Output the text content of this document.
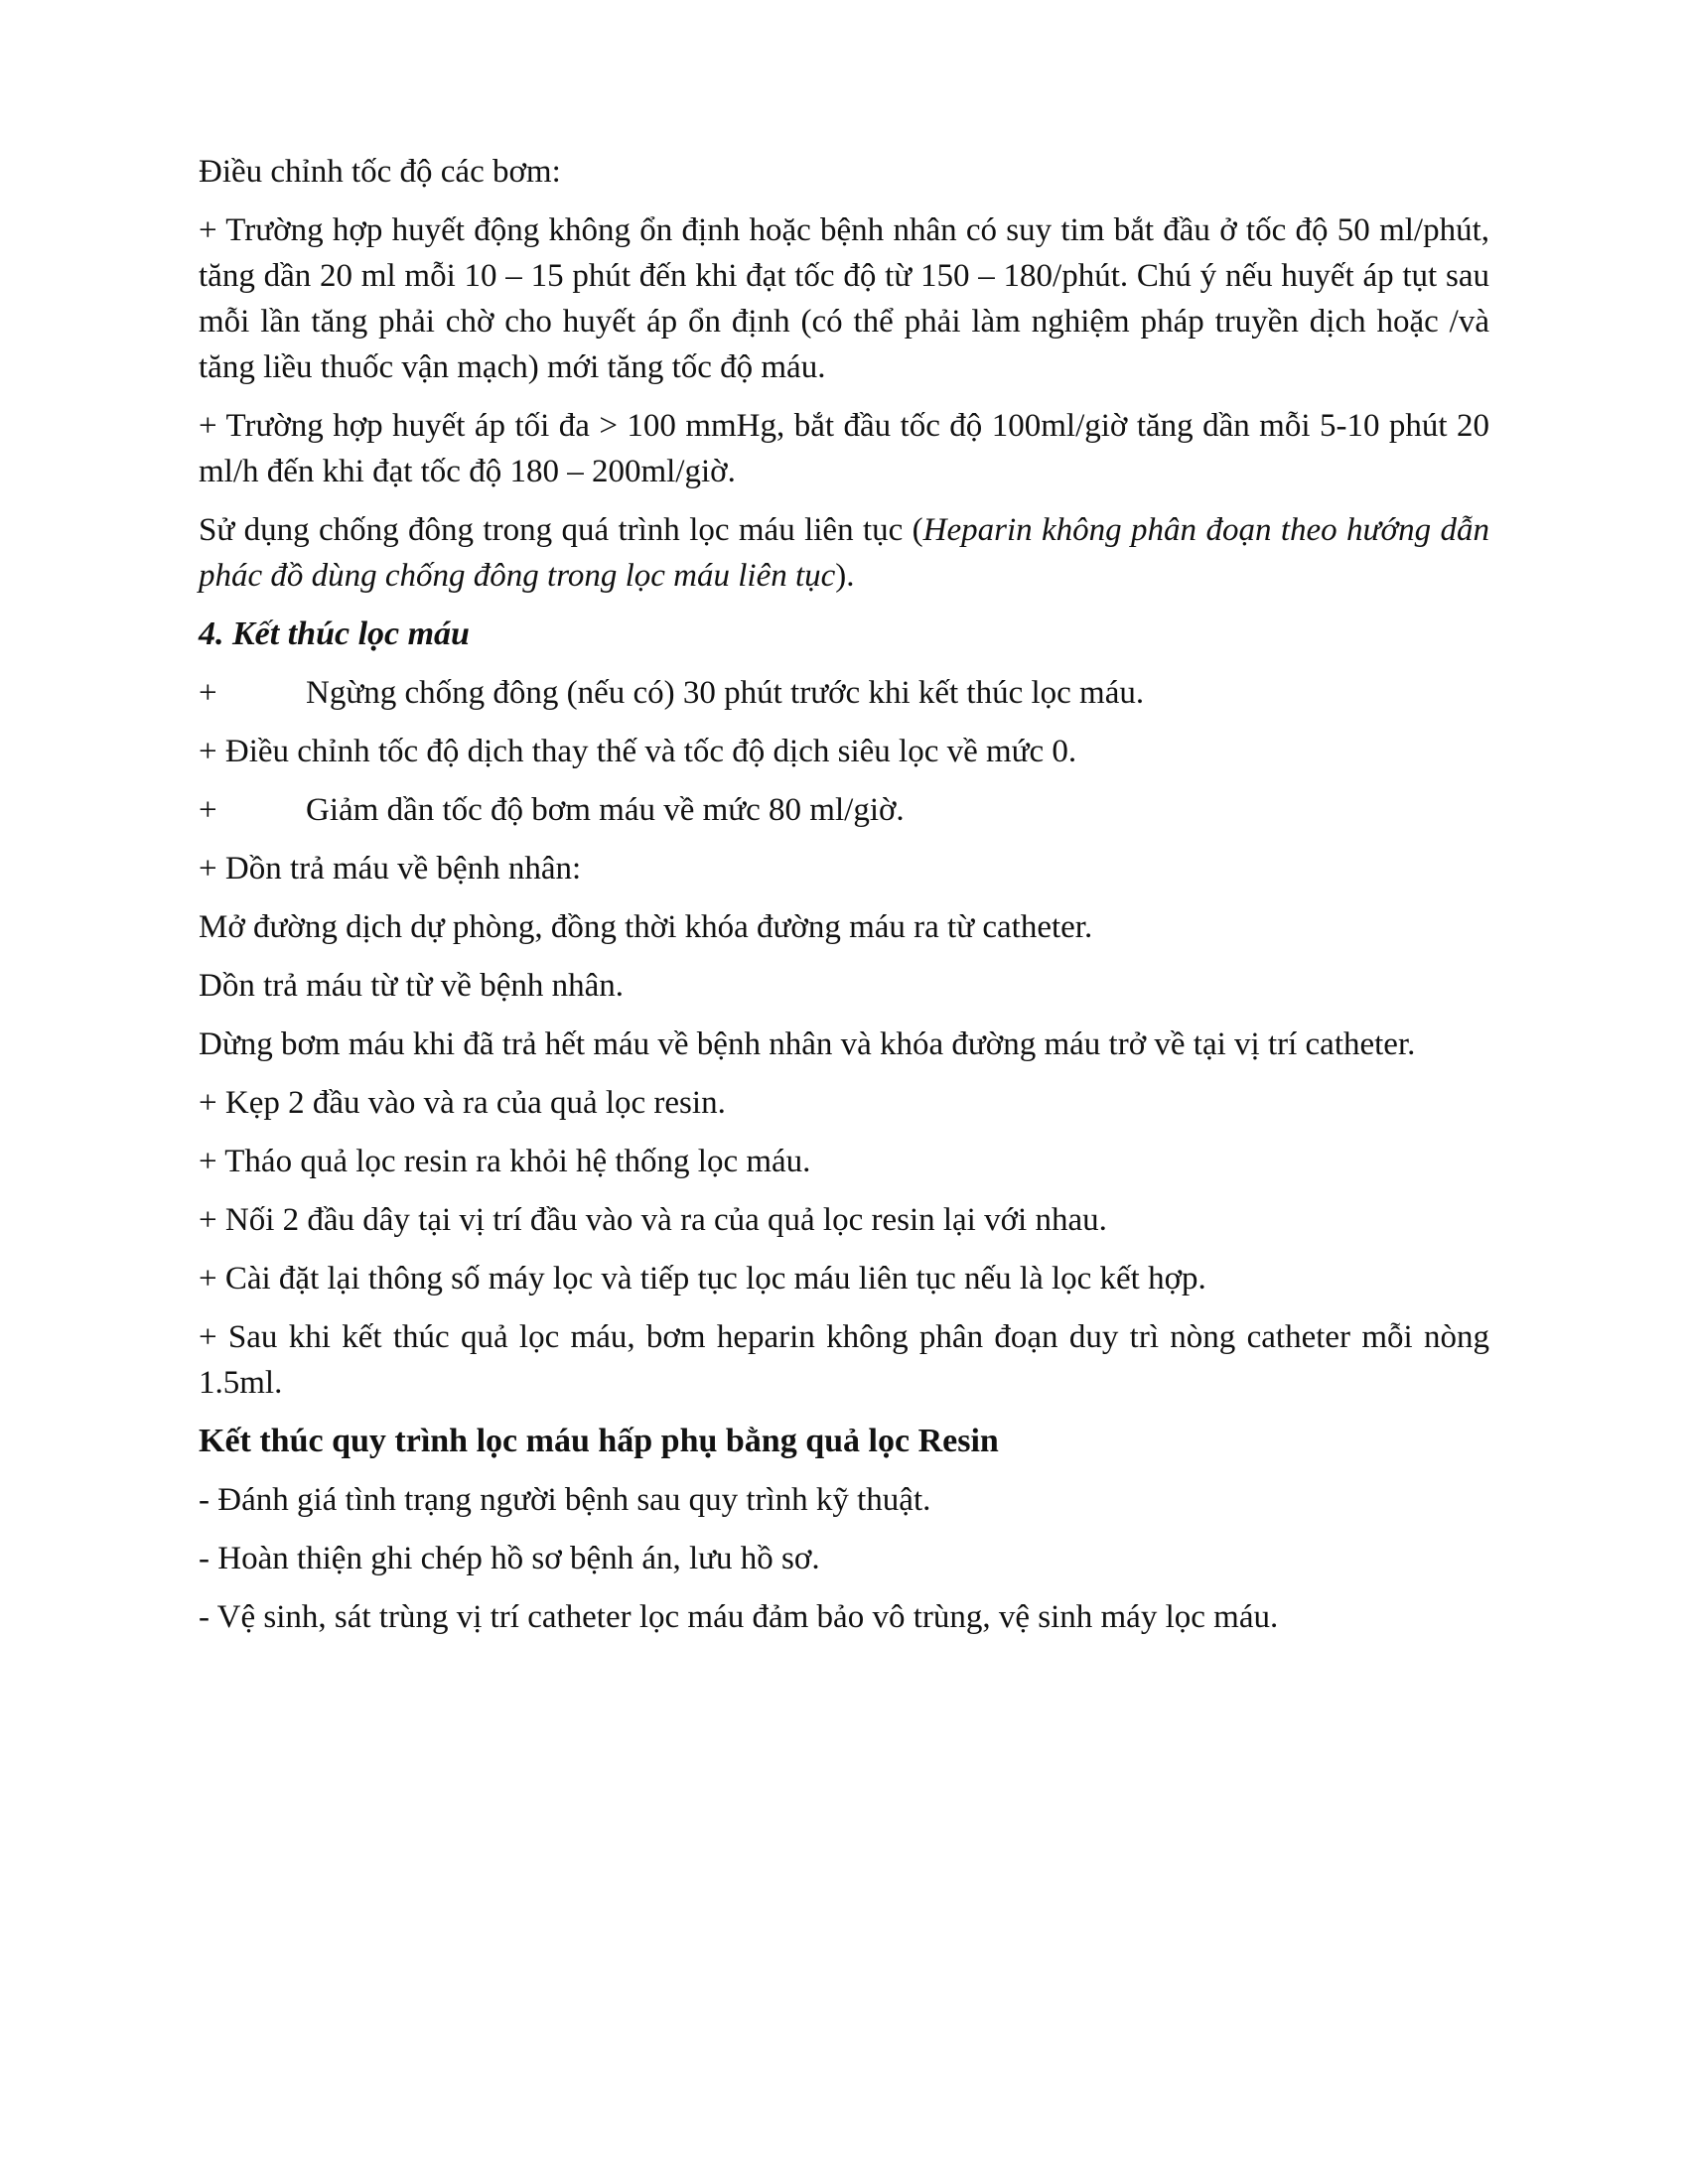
Điều chỉnh tốc độ các bơm:

+ Trường hợp huyết động không ổn định hoặc bệnh nhân có suy tim bắt đầu ở tốc độ 50 ml/phút, tăng dần 20 ml mỗi 10 – 15 phút đến khi đạt tốc độ từ 150 – 180/phút. Chú ý nếu huyết áp tụt sau mỗi lần tăng phải chờ cho huyết áp ổn định (có thể phải làm nghiệm pháp truyền dịch hoặc /và tăng liều thuốc vận mạch) mới tăng tốc độ máu.

+ Trường hợp huyết áp tối đa > 100 mmHg, bắt đầu tốc độ 100ml/giờ tăng dần mỗi 5-10 phút 20 ml/h đến khi đạt tốc độ 180 – 200ml/giờ.

Sử dụng chống đông trong quá trình lọc máu liên tục (Heparin không phân đoạn theo hướng dẫn phác đồ dùng chống đông trong lọc máu liên tục).

4. Kết thúc lọc máu

+	Ngừng chống đông (nếu có) 30 phút trước khi kết thúc lọc máu.

+ Điều chỉnh tốc độ dịch thay thế và tốc độ dịch siêu lọc về mức 0.

+	Giảm dần tốc độ bơm máu về mức 80 ml/giờ.

+ Dồn trả máu về bệnh nhân:

Mở đường dịch dự phòng, đồng thời khóa đường máu ra từ catheter.

Dồn trả máu từ từ về bệnh nhân.

Dừng bơm máu khi đã trả hết máu về bệnh nhân và khóa đường máu trở về tại vị trí catheter.

+ Kẹp 2 đầu vào và ra của quả lọc resin.

+ Tháo quả lọc resin ra khỏi hệ thống lọc máu.

+ Nối 2 đầu dây tại vị trí đầu vào và ra của quả lọc resin lại với nhau.

+ Cài đặt lại thông số máy lọc và tiếp tục lọc máu liên tục nếu là lọc kết hợp.

+ Sau khi kết thúc quả lọc máu, bơm heparin không phân đoạn duy trì nòng catheter mỗi nòng 1.5ml.

Kết thúc quy trình lọc máu hấp phụ bằng quả lọc Resin

- Đánh giá tình trạng người bệnh sau quy trình kỹ thuật.

- Hoàn thiện ghi chép hồ sơ bệnh án, lưu hồ sơ.

- Vệ sinh, sát trùng vị trí catheter lọc máu đảm bảo vô trùng, vệ sinh máy lọc máu.
